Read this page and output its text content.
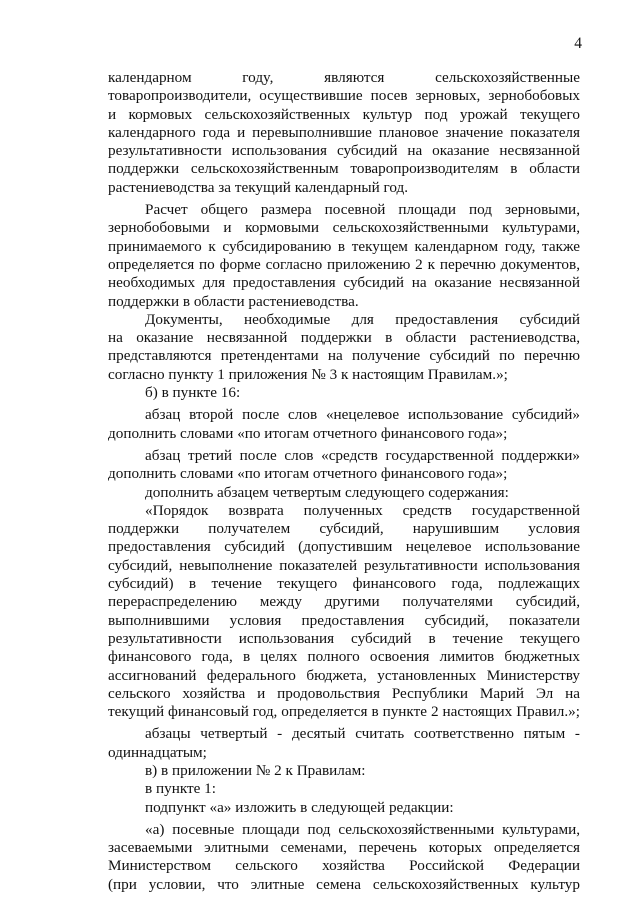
4
календарном годy, являются сельскохозяйственные
товаропроизводители, осуществившие посев зерновых, зернобобовых
и кормовых сельскохозяйственных культур под урожай текущего
календарного года и перевыполнившие плановое значение показателя
результативности использования субсидий на оказание несвязанной
поддержки сельскохозяйственным товаропроизводителям в области
растениеводства за текущий календарный год.
Расчет общего размера посевной площади под зерновыми,
зернобобовыми и кормовыми сельскохозяйственными культурами,
принимаемого к субсидированию в текущем календарном году, также
определяется по форме согласно приложению 2 к перечню документов,
необходимых для предоставления субсидий на оказание несвязанной
поддержки в области растениеводства.
Документы, необходимые для предоставления субсидий
на оказание несвязанной поддержки в области растениеводства,
представляются претендентами на получение субсидий по перечню
согласно пункту 1 приложения № 3 к настоящим Правилам.»;
б) в пункте 16:
абзац второй после слов «нецелевое использование субсидий»
дополнить словами «по итогам отчетного финансового года»;
абзац третий после слов «средств государственной поддержки»
дополнить словами «по итогам отчетного финансового года»;
дополнить абзацем четвертым следующего содержания:
«Порядок возврата полученных средств государственной
поддержки получателем субсидий, нарушившим условия
предоставления субсидий (допустившим нецелевое использование
субсидий, невыполнение показателей результативности использования
субсидий) в течение текущего финансового года, подлежащих
перераспределению между другими получателями субсидий,
выполнившими условия предоставления субсидий, показатели
результативности использования субсидий в течение текущего
финансового года, в целях полного освоения лимитов бюджетных
ассигнований федерального бюджета, установленных Министерству
сельского хозяйства и продовольствия Республики Марий Эл на
текущий финансовый год, определяется в пункте 2 настоящих Правил.»;
абзацы четвертый - десятый считать соответственно пятым -
одиннадцатым;
в) в приложении № 2 к Правилам:
в пункте 1:
подпункт «а» изложить в следующей редакции:
«а) посевные площади под сельскохозяйственными культурами,
засеваемыми элитными семенами, перечень которых определяется
Министерством сельского хозяйства Российской Федерации
(при условии, что элитные семена сельскохозяйственных культур
